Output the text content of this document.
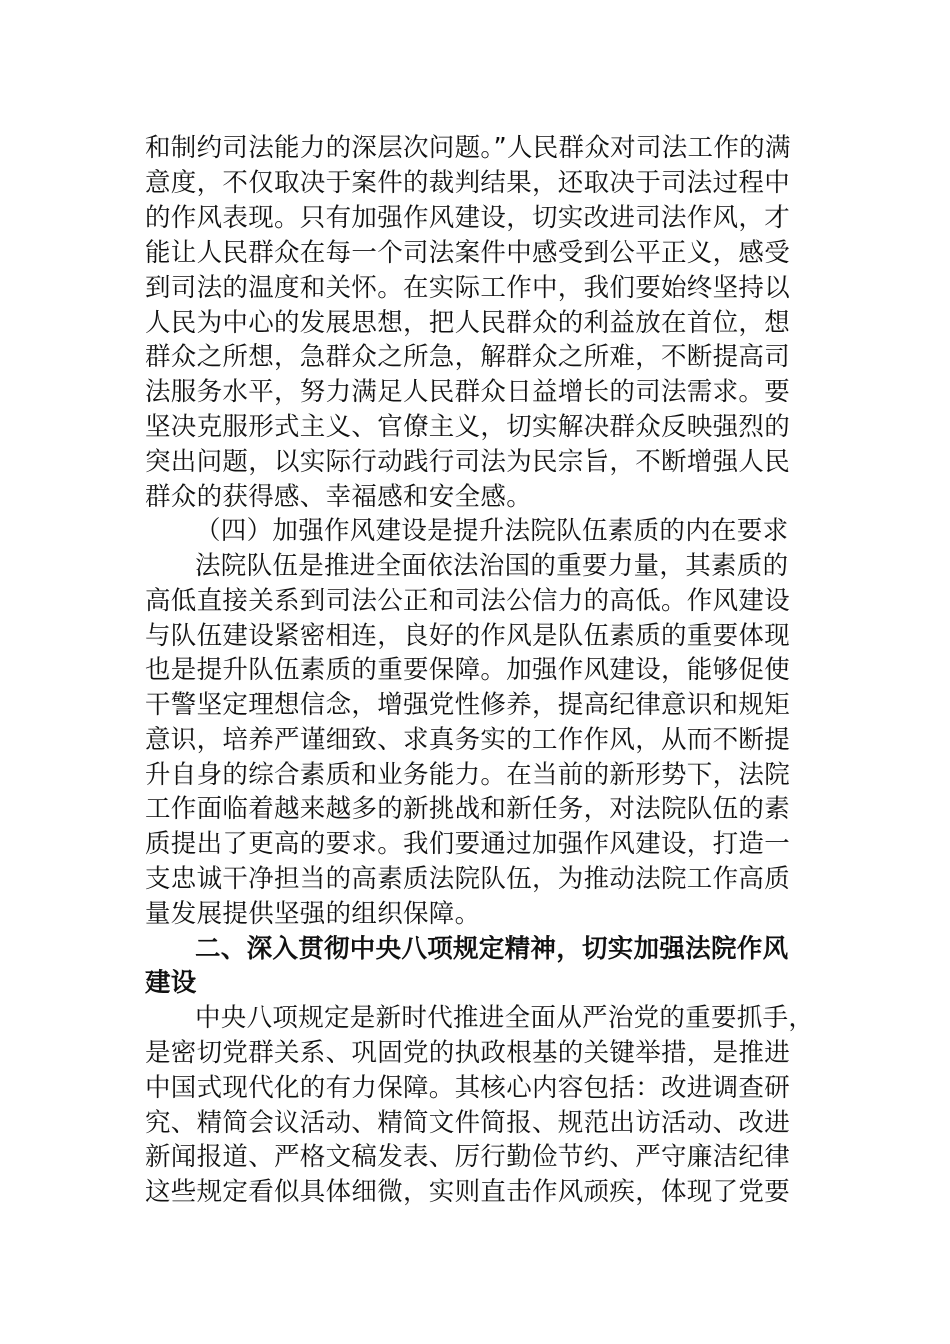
和制约司法能力的深层次问题。”人民群众对司法工作的满
意度，不仅取决于案件的裁判结果，还取决于司法过程中
的作风表现。只有加强作风建设，切实改进司法作风，才
能让人民群众在每一个司法案件中感受到公平正义，感受
到司法的温度和关怀。在实际工作中，我们要始终坚持以
人民为中心的发展思想，把人民群众的利益放在首位，想
群众之所想，急群众之所急，解群众之所难，不断提高司
法服务水平，努力满足人民群众日益增长的司法需求。要
坚决克服形式主义、官僚主义，切实解决群众反映强烈的
突出问题，以实际行动践行司法为民宗旨，不断增强人民
群众的获得感、幸福感和安全感。
（四）加强作风建设是提升法院队伍素质的内在要求
法院队伍是推进全面依法治国的重要力量，其素质的
高低直接关系到司法公正和司法公信力的高低。作风建设
与队伍建设紧密相连，良好的作风是队伍素质的重要体现
也是提升队伍素质的重要保障。加强作风建设，能够促使
干警坚定理想信念，增强党性修养，提高纪律意识和规矩
意识，培养严谨细致、求真务实的工作作风，从而不断提
升自身的综合素质和业务能力。在当前的新形势下，法院
工作面临着越来越多的新挑战和新任务，对法院队伍的素
质提出了更高的要求。我们要通过加强作风建设，打造一
支忠诚干净担当的高素质法院队伍，为推动法院工作高质
量发展提供坚强的组织保障。
二、深入贯彻中央八项规定精神，切实加强法院作风
建设
中央八项规定是新时代推进全面从严治党的重要抓手，
是密切党群关系、巩固党的执政根基的关键举措，是推进
中国式现代化的有力保障。其核心内容包括：改进调查研
究、精简会议活动、精简文件简报、规范出访活动、改进
新闻报道、严格文稿发表、厉行勤俭节约、严守廉洁纪律
这些规定看似具体细微，实则直击作风顽疾，体现了党要
